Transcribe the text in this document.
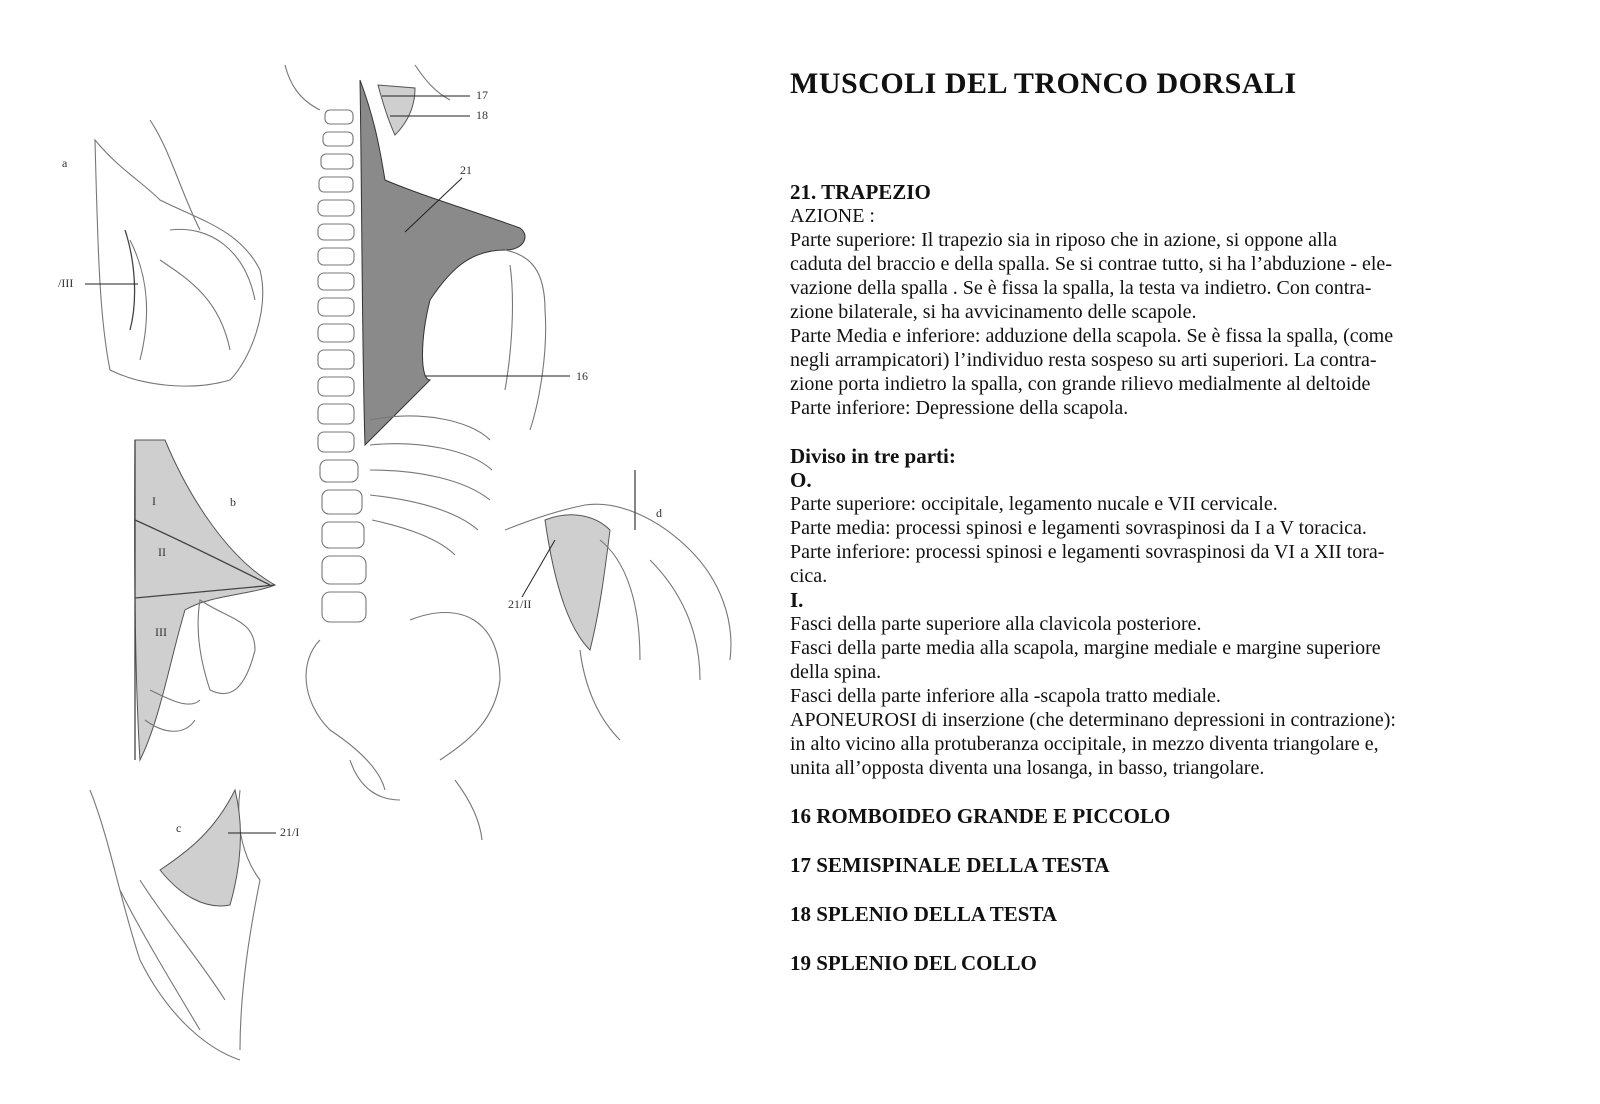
a
/III
b
I
II
III
c	21/I
17
18
21
16
d
21/II
MUSCOLI DEL TRONCO DORSALI
21. TRAPEZIO

AZIONE :

Parte superiore: Il trapezio sia in riposo che in azione, si oppone alla

caduta del braccio e della spalla. Se si contrae tutto, si ha l’abduzione - ele-

vazione della spalla . Se è fissa la spalla, la testa va indietro. Con contra-

zione bilaterale, si ha avvicinamento delle scapole.

Parte Media e inferiore: adduzione della scapola. Se è fissa la spalla, (come

negli arrampicatori) l’individuo resta sospeso su arti superiori. La contra-

zione porta indietro la spalla, con grande rilievo medialmente al deltoide

Parte inferiore: Depressione della scapola.

Diviso in tre parti:
O.

Parte superiore: occipitale, legamento nucale e VII cervicale.

Parte media: processi spinosi e legamenti sovraspinosi da I a V toracica.

Parte inferiore: processi spinosi e legamenti sovraspinosi da VI a XII tora-

cica.

I.

Fasci della parte superiore alla clavicola posteriore.

Fasci della parte media alla scapola, margine mediale e margine superiore

della spina.

Fasci della parte inferiore alla -scapola tratto mediale.

APONEUROSI di inserzione (che determinano depressioni in contrazione):

in alto vicino alla protuberanza occipitale, in mezzo diventa triangolare e,

unita all’opposta diventa una losanga, in basso, triangolare.

16 ROMBOIDEO GRANDE E PICCOLO

17 SEMISPINALE DELLA TESTA

18 SPLENIO DELLA TESTA

19 SPLENIO DEL COLLO
